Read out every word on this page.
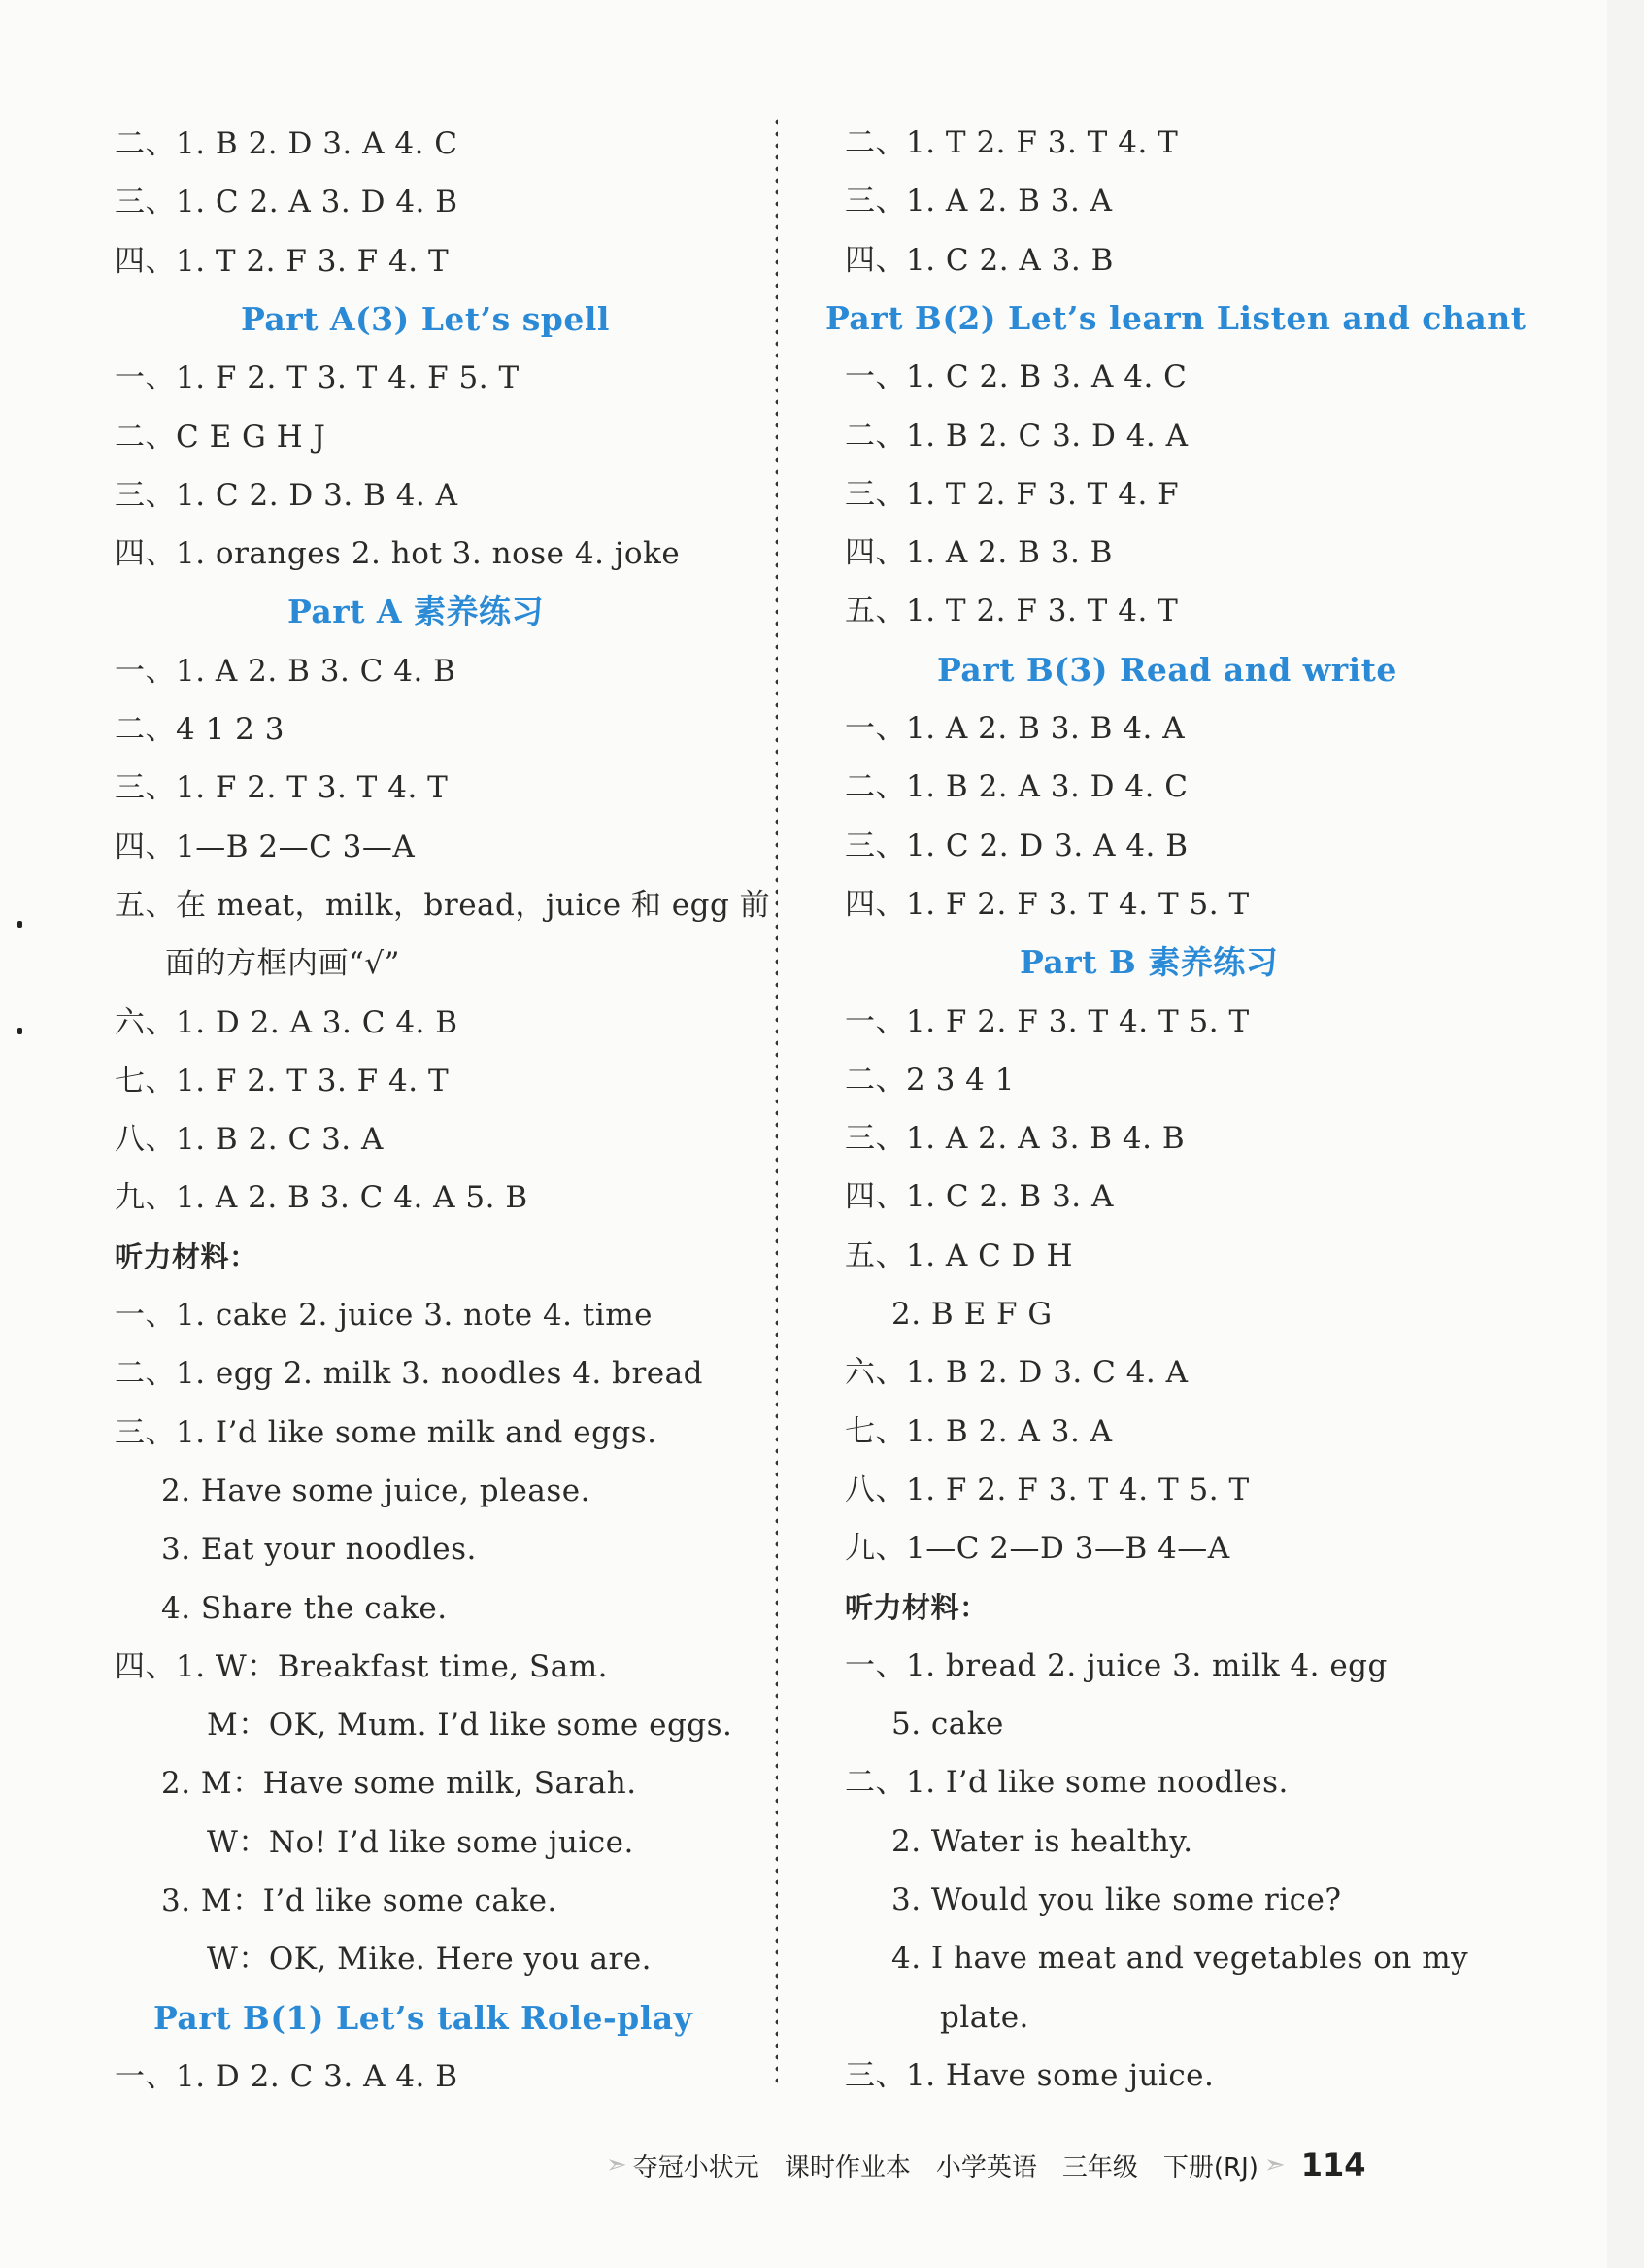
二、1. B 2. D 3. A 4. C
三、1. C 2. A 3. D 4. B
四、1. T 2. F 3. F 4. T
Part A(3) Let’s spell
一、1. F 2. T 3. T 4. F 5. T
二、C E G H J
三、1. C 2. D 3. B 4. A
四、1. oranges 2. hot 3. nose 4. joke
Part A 素养练习
一、1. A 2. B 3. C 4. B
二、4 1 2 3
三、1. F 2. T 3. T 4. T
四、1—B 2—C 3—A
五、在 meat，milk，bread，juice 和 egg 前
面的方框内画“√”
六、1. D 2. A 3. C 4. B
七、1. F 2. T 3. F 4. T
八、1. B 2. C 3. A
九、1. A 2. B 3. C 4. A 5. B
听力材料：
一、1. cake 2. juice 3. note 4. time
二、1. egg 2. milk 3. noodles 4. bread
三、1. I’d like some milk and eggs.
2. Have some juice, please.
3. Eat your noodles.
4. Share the cake.
四、1. W：Breakfast time, Sam.
M：OK, Mum. I’d like some eggs.
2. M：Have some milk, Sarah.
W：No! I’d like some juice.
3. M：I’d like some cake.
W：OK, Mike. Here you are.
Part B(1) Let’s talk Role-play
一、1. D 2. C 3. A 4. B
二、1. T 2. F 3. T 4. T
三、1. A 2. B 3. A
四、1. C 2. A 3. B
Part B(2) Let’s learn Listen and chant
一、1. C 2. B 3. A 4. C
二、1. B 2. C 3. D 4. A
三、1. T 2. F 3. T 4. F
四、1. A 2. B 3. B
五、1. T 2. F 3. T 4. T
Part B(3) Read and write
一、1. A 2. B 3. B 4. A
二、1. B 2. A 3. D 4. C
三、1. C 2. D 3. A 4. B
四、1. F 2. F 3. T 4. T 5. T
Part B 素养练习
一、1. F 2. F 3. T 4. T 5. T
二、2 3 4 1
三、1. A 2. A 3. B 4. B
四、1. C 2. B 3. A
五、1. A C D H
2. B E F G
六、1. B 2. D 3. C 4. A
七、1. B 2. A 3. A
八、1. F 2. F 3. T 4. T 5. T
九、1—C 2—D 3—B 4—A
听力材料：
一、1. bread 2. juice 3. milk 4. egg
5. cake
二、1. I’d like some noodles.
2. Water is healthy.
3. Would you like some rice?
4. I have meat and vegetables on my
plate.
三、1. Have some juice.
➣ 夺冠小状元 课时作业本 小学英语 三年级 下册(RJ) ➣ 114
